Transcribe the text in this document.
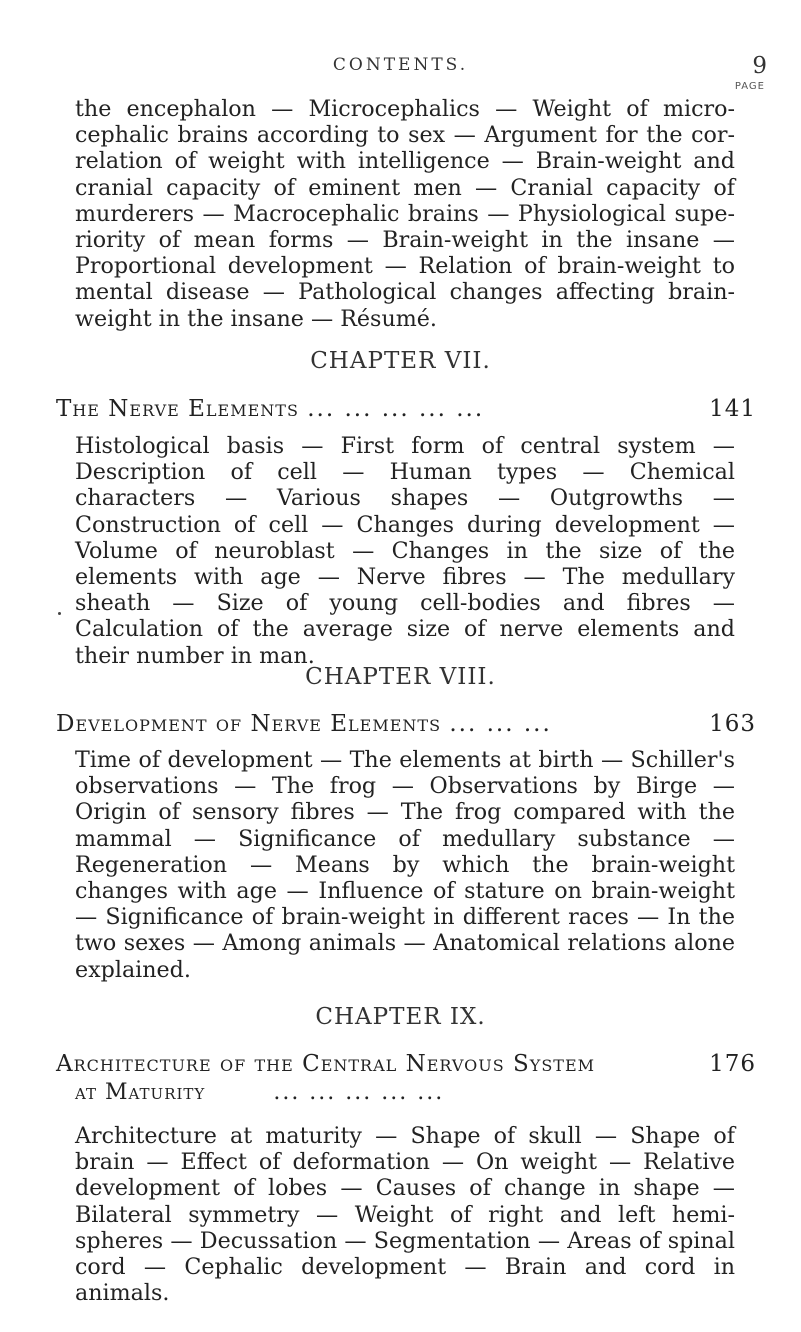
CONTENTS.	9
PAGE
the encephalon — Microcephalics — Weight of micro-cephalic brains according to sex — Argument for the cor-relation of weight with intelligence — Brain-weight and cranial capacity of eminent men — Cranial capacity of murderers — Macrocephalic brains — Physiological supe-riority of mean forms — Brain-weight in the insane — Proportional development — Relation of brain-weight to mental disease — Pathological changes affecting brain-weight in the insane — Résumé.
CHAPTER VII.
The Nerve Elements ... ... ... ... ...	141
Histological basis — First form of central system — Description of cell — Human types — Chemical characters — Various shapes — Outgrowths — Construction of cell — Changes during development — Volume of neuroblast — Changes in the size of the elements with age — Nerve fibres — The medullary sheath — Size of young cell-bodies and fibres — Calculation of the average size of nerve elements and their number in man.
CHAPTER VIII.
Development of Nerve Elements ... ... ...	163
Time of development — The elements at birth — Schiller's observations — The frog — Observations by Birge — Origin of sensory fibres — The frog compared with the mammal — Significance of medullary substance — Regeneration — Means by which the brain-weight changes with age — Influence of stature on brain-weight — Significance of brain-weight in different races — In the two sexes — Among animals — Anatomical relations alone explained.
CHAPTER IX.
Architecture of the Central Nervous System	176
at Maturity	... ... ... ... ...
Architecture at maturity — Shape of skull — Shape of brain — Effect of deformation — On weight — Relative development of lobes — Causes of change in shape — Bilateral symmetry — Weight of right and left hemi-spheres — Decussation — Segmentation — Areas of spinal cord — Cephalic development — Brain and cord in animals.
